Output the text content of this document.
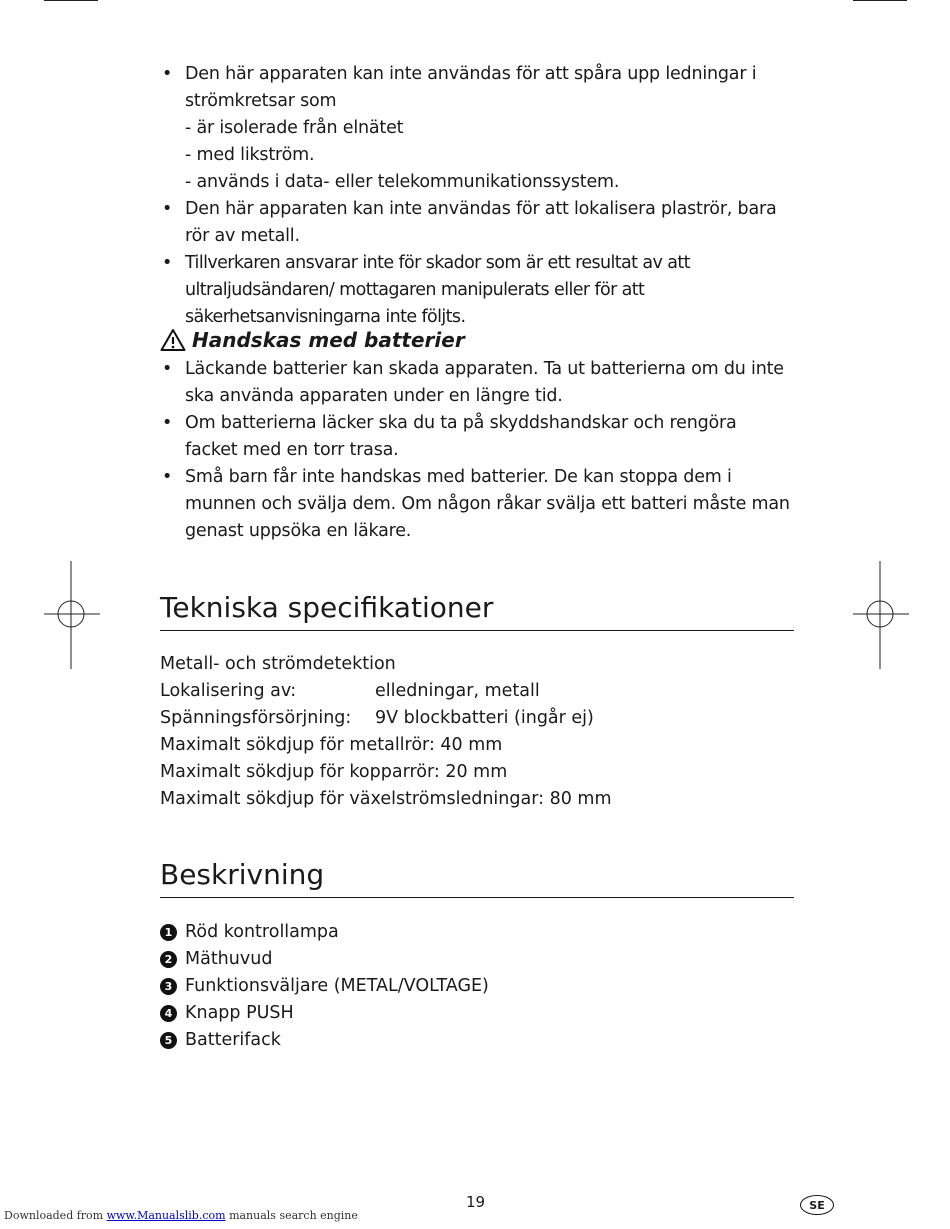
• Den här apparaten kan inte användas för att spåra upp ledningar i strömkretsar som
- är isolerade från elnätet
- med likström.
- används i data- eller telekommunikationssystem.
• Den här apparaten kan inte användas för att lokalisera plaströr, bara rör av metall.
• Tillverkaren ansvarar inte för skador som är ett resultat av att ultraljudsändaren/ mottagaren manipulerats eller för att säkerhetsanvisningarna inte följts.
Handskas med batterier
• Läckande batterier kan skada apparaten. Ta ut batterierna om du inte ska använda apparaten under en längre tid.
• Om batterierna läcker ska du ta på skyddshandskar och rengöra facket med en torr trasa.
• Små barn får inte handskas med batterier. De kan stoppa dem i munnen och svälja dem. Om någon råkar svälja ett batteri måste man genast uppsöka en läkare.
Tekniska specifikationer
Metall- och strömdetektion
Lokalisering av:	elledningar, metall
Spänningsförsörjning:	9V blockbatteri (ingår ej)
Maximalt sökdjup för metallrör: 40 mm
Maximalt sökdjup för kopparrör: 20 mm
Maximalt sökdjup för växelströmsledningar: 80 mm
Beskrivning
1 Röd kontrollampa
2 Mäthuvud
3 Funktionsväljare (METAL/VOLTAGE)
4 Knapp PUSH
5 Batterifack
19	SE
Downloaded from www.Manualslib.com manuals search engine
